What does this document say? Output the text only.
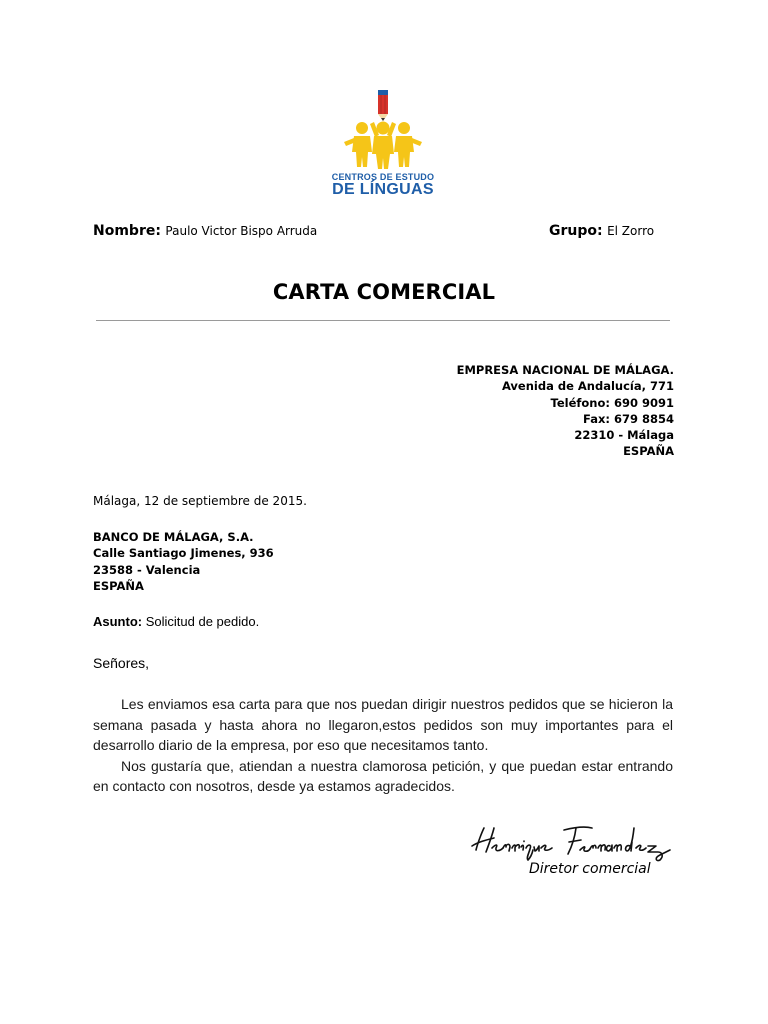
CENTROS DE ESTUDO
DE LÍNGUAS
Nombre: Paulo Victor Bispo Arruda	Grupo: El Zorro
CARTA COMERCIAL
EMPRESA NACIONAL DE MÁLAGA.
Avenida de Andalucía, 771
Teléfono: 690 9091
Fax: 679 8854
22310 - Málaga
ESPAÑA
Málaga, 12 de septiembre de 2015.
BANCO DE MÁLAGA, S.A.
Calle Santiago Jimenes, 936
23588 - Valencia
ESPAÑA
Asunto: Solicitud de pedido.
Señores,

Les enviamos esa carta para que nos puedan dirigir nuestros pedidos que se hicieron la semana pasada y hasta ahora no llegaron,estos pedidos son muy importantes para el desarrollo diario de la empresa, por eso que necesitamos tanto.

Nos gustaría que, atiendan a nuestra clamorosa petición, y que puedan estar entrando en contacto con nosotros, desde ya estamos agradecidos.

Diretor comercial
